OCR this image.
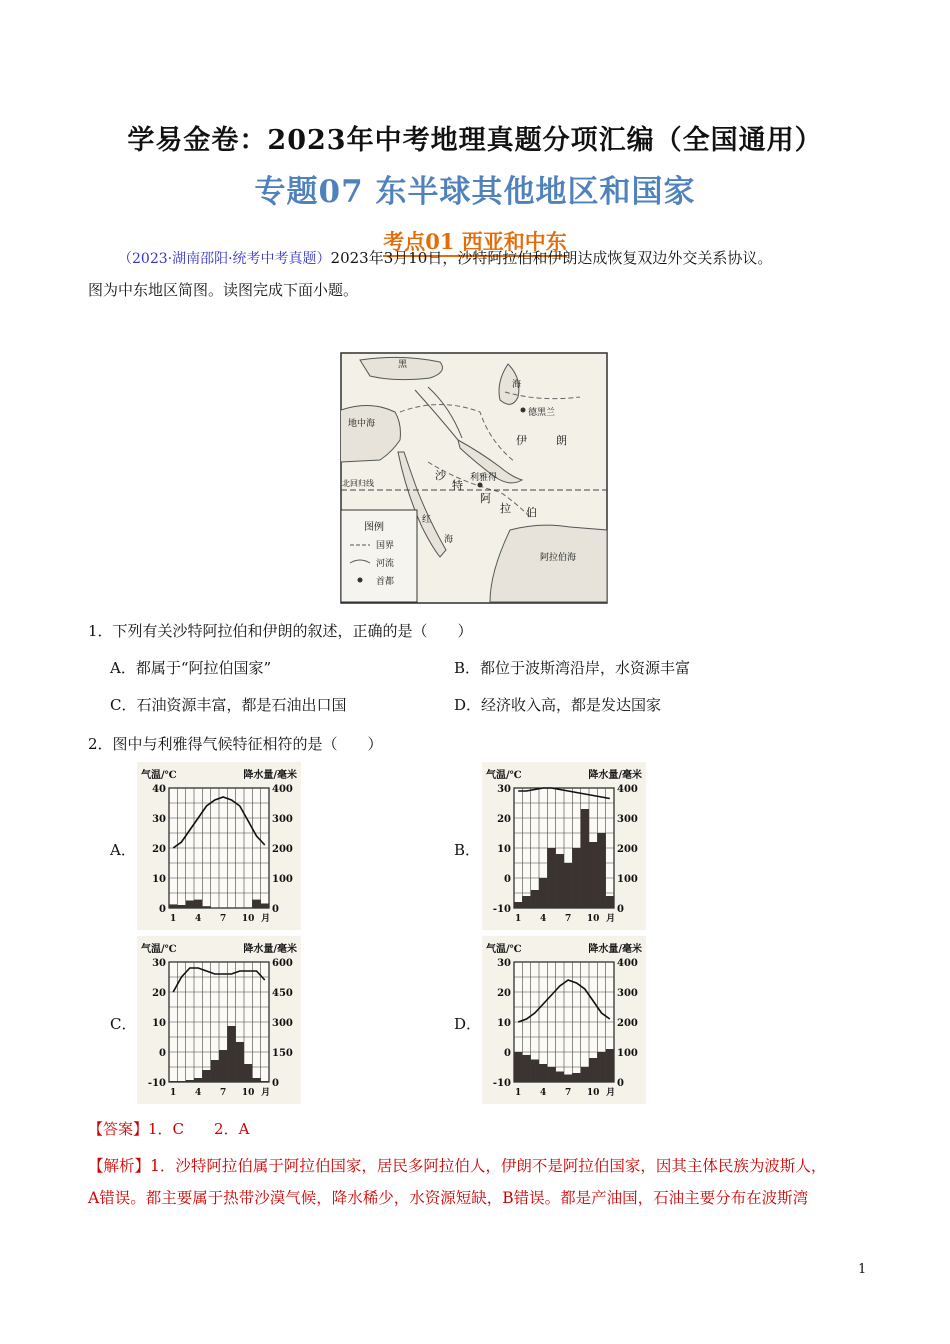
学易金卷：2023年中考地理真题分项汇编（全国通用）
专题07 东半球其他地区和国家
考点01 西亚和中东
（2023·湖南邵阳·统考中考真题）2023年3月10日，沙特阿拉伯和伊朗达成恢复双边外交关系协议。
图为中东地区简图。读图完成下面小题。
黑
海
地中海
德黑兰
伊	朗
利雅得
沙
特
阿
拉 伯
北回归线
红
海
阿拉伯海
图例
国界
河流
首都
1．下列有关沙特阿拉伯和伊朗的叙述，正确的是（　　）
A．都属于“阿拉伯国家”	B．都位于波斯湾沿岸，水资源丰富
C．石油资源丰富，都是石油出口国	D．经济收入高，都是发达国家
2．图中与利雅得气候特征相符的是（　　）
A．	B．
C．	D．
气温/℃	降水量/毫米
40
30
20
10
0
400
300
200
100
0
1 4 7 10 月
气温/℃	降水量/毫米
30
20
10
0
-10
400
300
200
100
0
1 4 7 10 月
气温/℃	降水量/毫米
30
20
10
0
-10
600
450
300
150
0
1 4 7 10 月
气温/℃	降水量/毫米
30
20
10
0
-10
400
300
200
100
0
1 4 7 10 月
【答案】1．C　　2．A
【解析】1．沙特阿拉伯属于阿拉伯国家，居民多阿拉伯人，伊朗不是阿拉伯国家，因其主体民族为波斯人，
A错误。都主要属于热带沙漠气候，降水稀少，水资源短缺，B错误。都是产油国，石油主要分布在波斯湾
1
